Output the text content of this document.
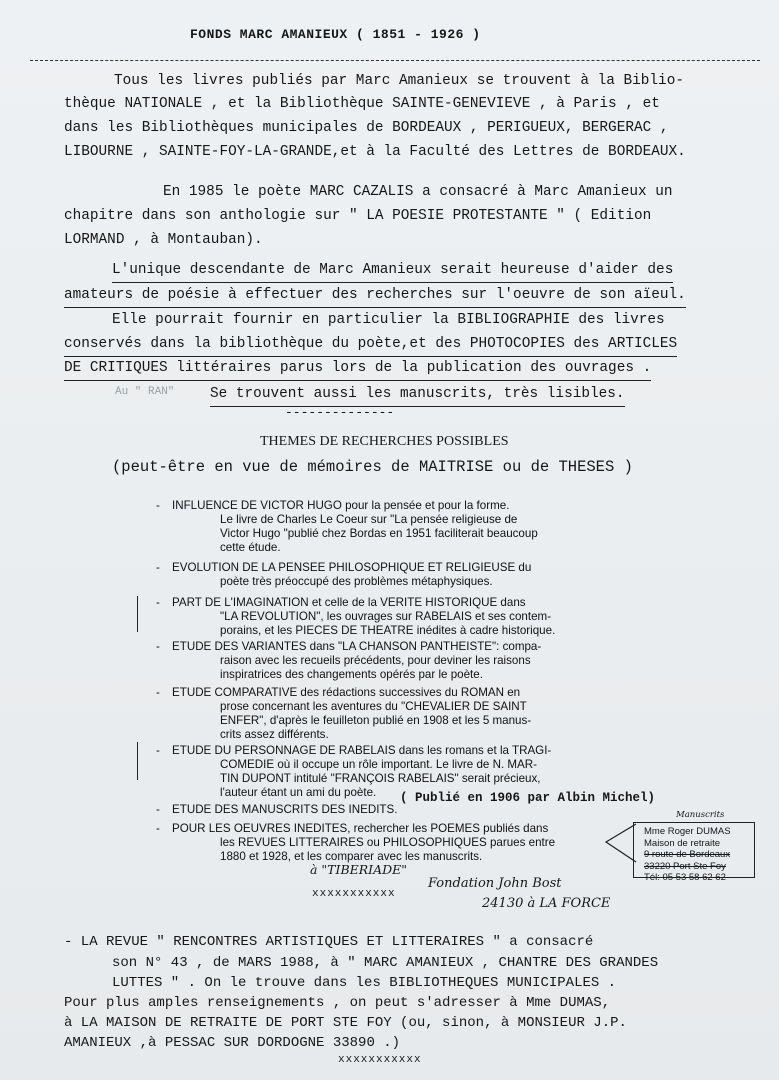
FONDS MARC AMANIEUX ( 1851 - 1926 )
Tous les livres publiés par Marc Amanieux se trouvent à la Biblio-
thèque NATIONALE , et la Bibliothèque SAINTE-GENEVIEVE , à Paris , et
dans les Bibliothèques municipales de BORDEAUX , PERIGUEUX, BERGERAC ,
LIBOURNE , SAINTE-FOY-LA-GRANDE,et à la Faculté des Lettres de BORDEAUX.
En 1985 le poète MARC CAZALIS a consacré à Marc Amanieux un
chapitre dans son anthologie sur " LA POESIE PROTESTANTE " ( Edition
LORMAND , à Montauban).
L'unique descendante de Marc Amanieux serait heureuse d'aider des
amateurs de poésie à effectuer des recherches sur l'oeuvre de son aïeul.
Elle pourrait fournir en particulier la BIBLIOGRAPHIE des livres
conservés dans la bibliothèque du poète,et des PHOTOCOPIES des ARTICLES
DE CRITIQUES littéraires parus lors de la publication des ouvrages .
Au " RAN" Se trouvent aussi les manuscrits, très lisibles.
--------------
THEMES DE RECHERCHES POSSIBLES
(peut-être en vue de mémoires de MAITRISE ou de THESES )
- INFLUENCE DE VICTOR HUGO pour la pensée et pour la forme.
Le livre de Charles Le Coeur sur "La pensée religieuse de
Victor Hugo "publié chez Bordas en 1951 faciliterait beaucoup
cette étude.
- EVOLUTION DE LA PENSEE PHILOSOPHIQUE ET RELIGIEUSE du
poète très préoccupé des problèmes métaphysiques.
- PART DE L'IMAGINATION et celle de la VERITE HISTORIQUE dans
"LA REVOLUTION", les ouvrages sur RABELAIS et ses contem-
porains, et les PIECES DE THEATRE inédites à cadre historique.
- ETUDE DES VARIANTES dans "LA CHANSON PANTHEISTE": compa-
raison avec les recueils précédents, pour deviner les raisons
inspiratrices des changements opérés par le poète.
- ETUDE COMPARATIVE des rédactions successives du ROMAN en
prose concernant les aventures du "CHEVALIER DE SAINT
ENFER", d'après le feuilleton publié en 1908 et les 5 manus-
crits assez différents.
- ETUDE DU PERSONNAGE DE RABELAIS dans les romans et la TRAGI-
COMEDIE où il occupe un rôle important. Le livre de N. MAR-
TIN DUPONT intitulé "FRANÇOIS RABELAIS" serait précieux,
l'auteur étant un ami du poète.	( Publié en 1906 par Albin Michel)
- ETUDE DES MANUSCRITS DES INEDITS.
- POUR LES OEUVRES INEDITES, rechercher les POEMES publiés dans
les REVUES LITTERAIRES ou PHILOSOPHIQUES parues entre
1880 et 1928, et les comparer avec les manuscrits.
Manuscrits
Mme Roger DUMAS
Maison de retraite
9 route de Bordeaux
33220 Port Ste Foy
Tél: 05 53 58 62 62
à "TIBERIADE"
Fondation John Bost
24130 à LA FORCE
xxxxxxxxxxx
- LA REVUE " RENCONTRES ARTISTIQUES ET LITTERAIRES " a consacré
son N° 43 , de MARS 1988, à " MARC AMANIEUX , CHANTRE DES GRANDES
LUTTES " . On le trouve dans les BIBLIOTHEQUES MUNICIPALES .
Pour plus amples renseignements , on peut s'adresser à Mme DUMAS,
à LA MAISON DE RETRAITE DE PORT STE FOY (ou, sinon, à MONSIEUR J.P.
AMANIEUX ,à PESSAC SUR DORDOGNE 33890 .)
xxxxxxxxxxx
